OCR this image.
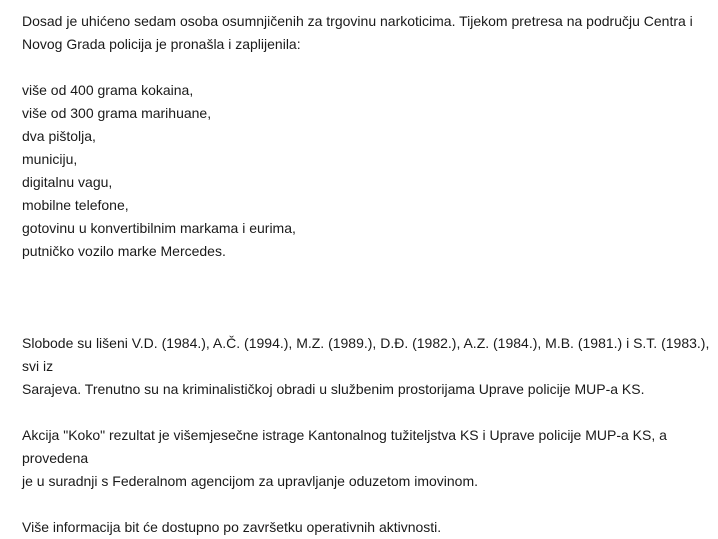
Dosad je uhićeno sedam osoba osumnjičenih za trgovinu narkoticima. Tijekom pretresa na području Centra i
Novog Grada policija je pronašla i zaplijenila:

više od 400 grama kokaina,
više od 300 grama marihuane,
dva pištolja,
municiju,
digitalnu vagu,
mobilne telefone,
gotovinu u konvertibilnim markama i eurima,
putničko vozilo marke Mercedes.

Slobode su lišeni V.D. (1984.), A.Č. (1994.), M.Z. (1989.), D.Đ. (1982.), A.Z. (1984.), M.B. (1981.) i S.T. (1983.), svi iz
Sarajeva. Trenutno su na kriminalističkoj obradi u službenim prostorijama Uprave policije MUP-a KS.

Akcija "Koko" rezultat je višemjesečne istrage Kantonalnog tužiteljstva KS i Uprave policije MUP-a KS, a provedena
je u suradnji s Federalnom agencijom za upravljanje oduzetom imovinom.

Više informacija bit će dostupno po završetku operativnih aktivnosti.
